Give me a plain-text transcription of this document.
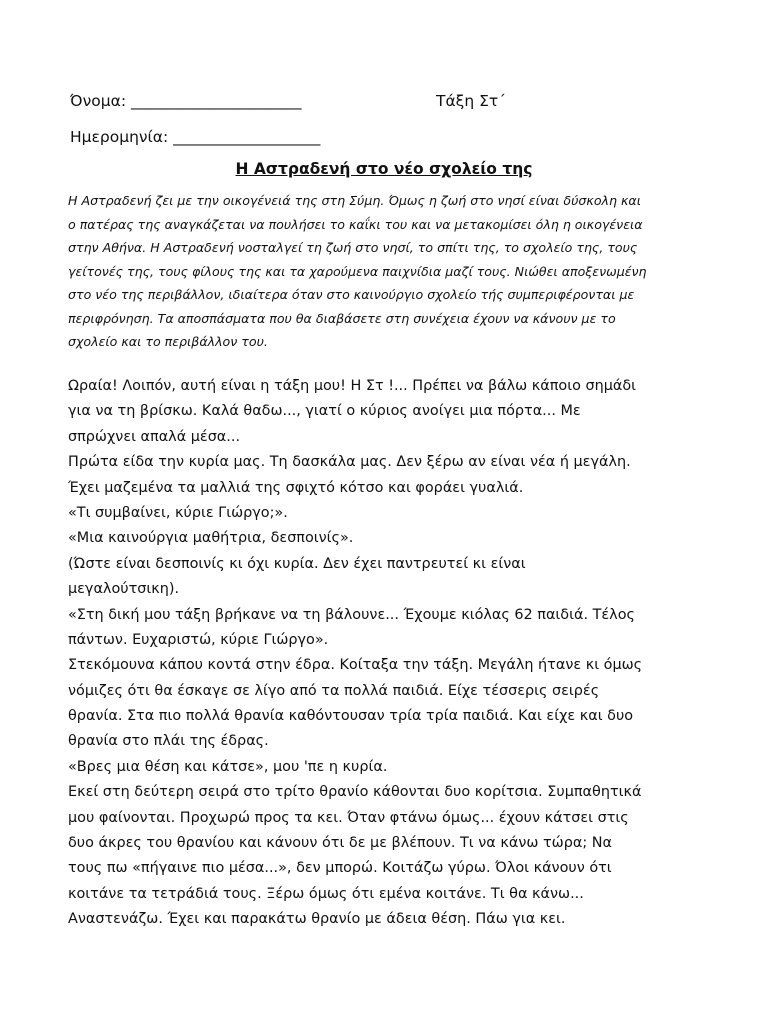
Όνομα: ______________________	Τάξη Στ΄
Ημερομηνία: ___________________
Η Αστραδενή στο νέο σχολείο της
Η Αστραδενή ζει με την οικογένειά της στη Σύμη. Όμως η ζωή στο νησί είναι δύσκολη και
ο πατέρας της αναγκάζεται να πουλήσει το καΐκι του και να μετακομίσει όλη η οικογένεια
στην Αθήνα. Η Αστραδενή νοσταλγεί τη ζωή στο νησί, το σπίτι της, το σχολείο της, τους
γείτονές της, τους φίλους της και τα χαρούμενα παιχνίδια μαζί τους. Νιώθει αποξενωμένη
στο νέο της περιβάλλον, ιδιαίτερα όταν στο καινούργιο σχολείο τής συμπεριφέρονται με
περιφρόνηση. Τα αποσπάσματα που θα διαβάσετε στη συνέχεια έχουν να κάνουν με το
σχολείο και το περιβάλλον του.
Ωραία! Λοιπόν, αυτή είναι η τάξη μου! Η Στ !... Πρέπει να βάλω κάποιο σημάδι
για να τη βρίσκω. Καλά θαδω..., γιατί ο κύριος ανοίγει μια πόρτα... Με
σπρώχνει απαλά μέσα...
Πρώτα είδα την κυρία μας. Τη δασκάλα μας. Δεν ξέρω αν είναι νέα ή μεγάλη.
Έχει μαζεμένα τα μαλλιά της σφιχτό κότσο και φοράει γυαλιά.
«Τι συμβαίνει, κύριε Γιώργο;».
«Μια καινούργια μαθήτρια, δεσποινίς».
(Ώστε είναι δεσποινίς κι όχι κυρία. Δεν έχει παντρευτεί κι είναι
μεγαλούτσικη).
«Στη δική μου τάξη βρήκανε να τη βάλουνε... Έχουμε κιόλας 62 παιδιά. Τέλος
πάντων. Ευχαριστώ, κύριε Γιώργο».
Στεκόμουνα κάπου κοντά στην έδρα. Κοίταξα την τάξη. Μεγάλη ήτανε κι όμως
νόμιζες ότι θα έσκαγε σε λίγο από τα πολλά παιδιά. Είχε τέσσερις σειρές
θρανία. Στα πιο πολλά θρανία καθόντουσαν τρία τρία παιδιά. Και είχε και δυο
θρανία στο πλάι της έδρας.
«Βρες μια θέση και κάτσε», μου 'πε η κυρία.
Εκεί στη δεύτερη σειρά στο τρίτο θρανίο κάθονται δυο κορίτσια. Συμπαθητικά
μου φαίνονται. Προχωρώ προς τα κει. Όταν φτάνω όμως... έχουν κάτσει στις
δυο άκρες του θρανίου και κάνουν ότι δε με βλέπουν. Τι να κάνω τώρα; Να
τους πω «πήγαινε πιο μέσα...», δεν μπορώ. Κοιτάζω γύρω. Όλοι κάνουν ότι
κοιτάνε τα τετράδιά τους. Ξέρω όμως ότι εμένα κοιτάνε. Τι θα κάνω...
Αναστενάζω. Έχει και παρακάτω θρανίο με άδεια θέση. Πάω για κει.
